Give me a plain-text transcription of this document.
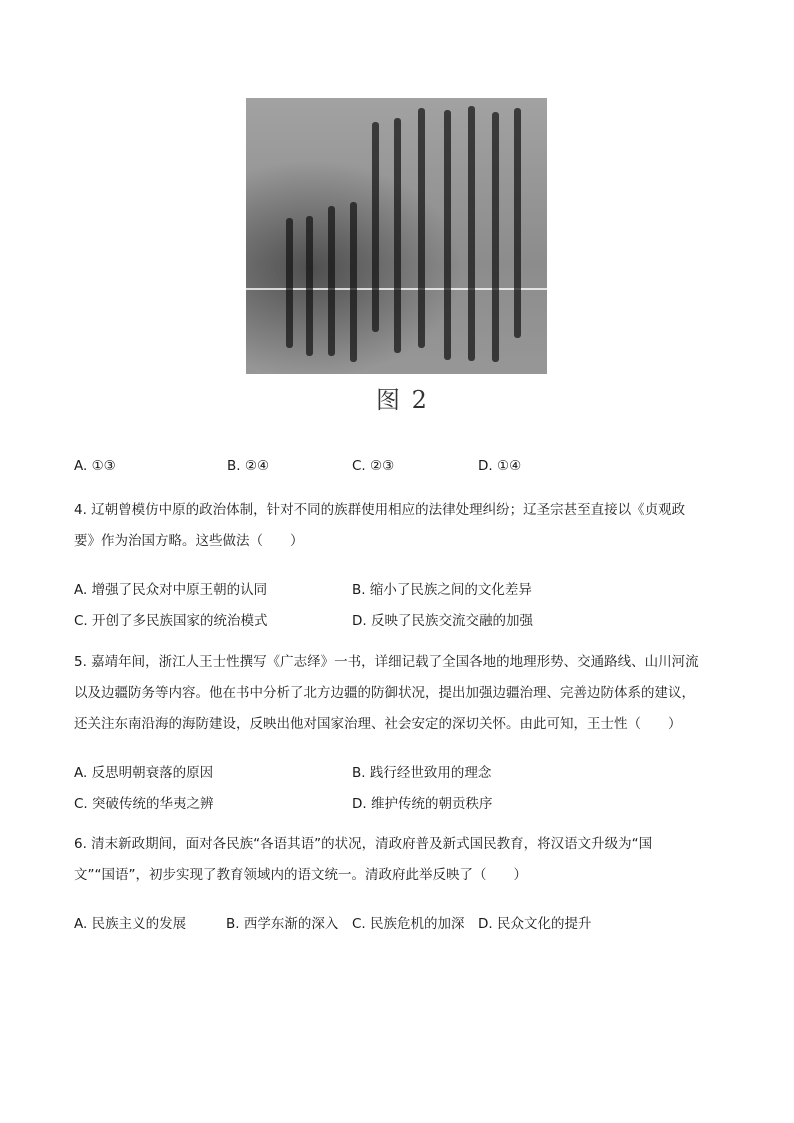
图 2
A. ①③	B. ②④	C. ②③	D. ①④
4. 辽朝曾模仿中原的政治体制，针对不同的族群使用相应的法律处理纠纷；辽圣宗甚至直接以《贞观政
要》作为治国方略。这些做法（　　）
A. 增强了民众对中原王朝的认同	B. 缩小了民族之间的文化差异
C. 开创了多民族国家的统治模式	D. 反映了民族交流交融的加强
5. 嘉靖年间，浙江人王士性撰写《广志绎》一书，详细记载了全国各地的地理形势、交通路线、山川河流
以及边疆防务等内容。他在书中分析了北方边疆的防御状况，提出加强边疆治理、完善边防体系的建议，
还关注东南沿海的海防建设，反映出他对国家治理、社会安定的深切关怀。由此可知，王士性（　　）
A. 反思明朝衰落的原因	B. 践行经世致用的理念
C. 突破传统的华夷之辨	D. 维护传统的朝贡秩序
6. 清末新政期间，面对各民族“各语其语”的状况，清政府普及新式国民教育，将汉语文升级为“国
文”“国语”，初步实现了教育领域内的语文统一。清政府此举反映了（　　）
A. 民族主义的发展	B. 西学东渐的深入 C. 民族危机的加深 D. 民众文化的提升
